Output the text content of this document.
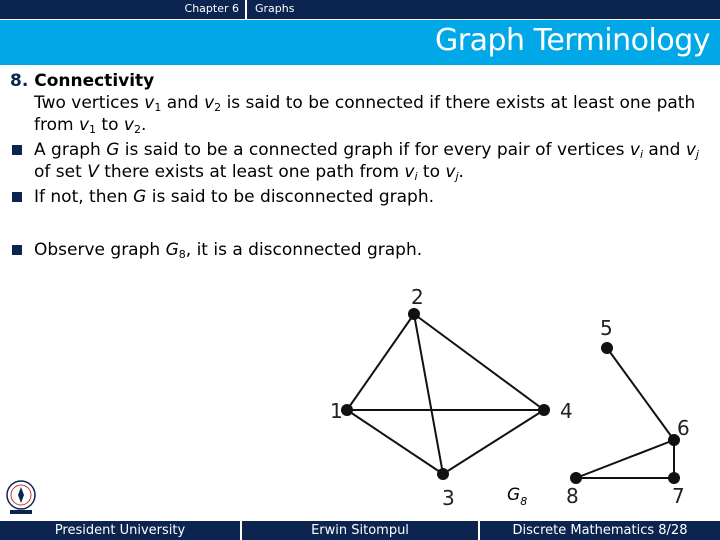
Chapter 6	Graphs
Graph Terminology
8. Connectivity
Two vertices $v_1$ and $v_2$ is said to be connected if there exists at least one path from $v_1$ to $v_2$.
A graph G is said to be a connected graph if for every pair of vertices $v_i$ and $v_j$ of set V there exists at least one path from $v_i$ to $v_j$.
If not, then G is said to be disconnected graph.
Observe graph $G_8$, it is a disconnected graph.
1
2
3
4
5
6
7
8
$G_8$
President University	Erwin Sitompul	Discrete Mathematics 8/28
